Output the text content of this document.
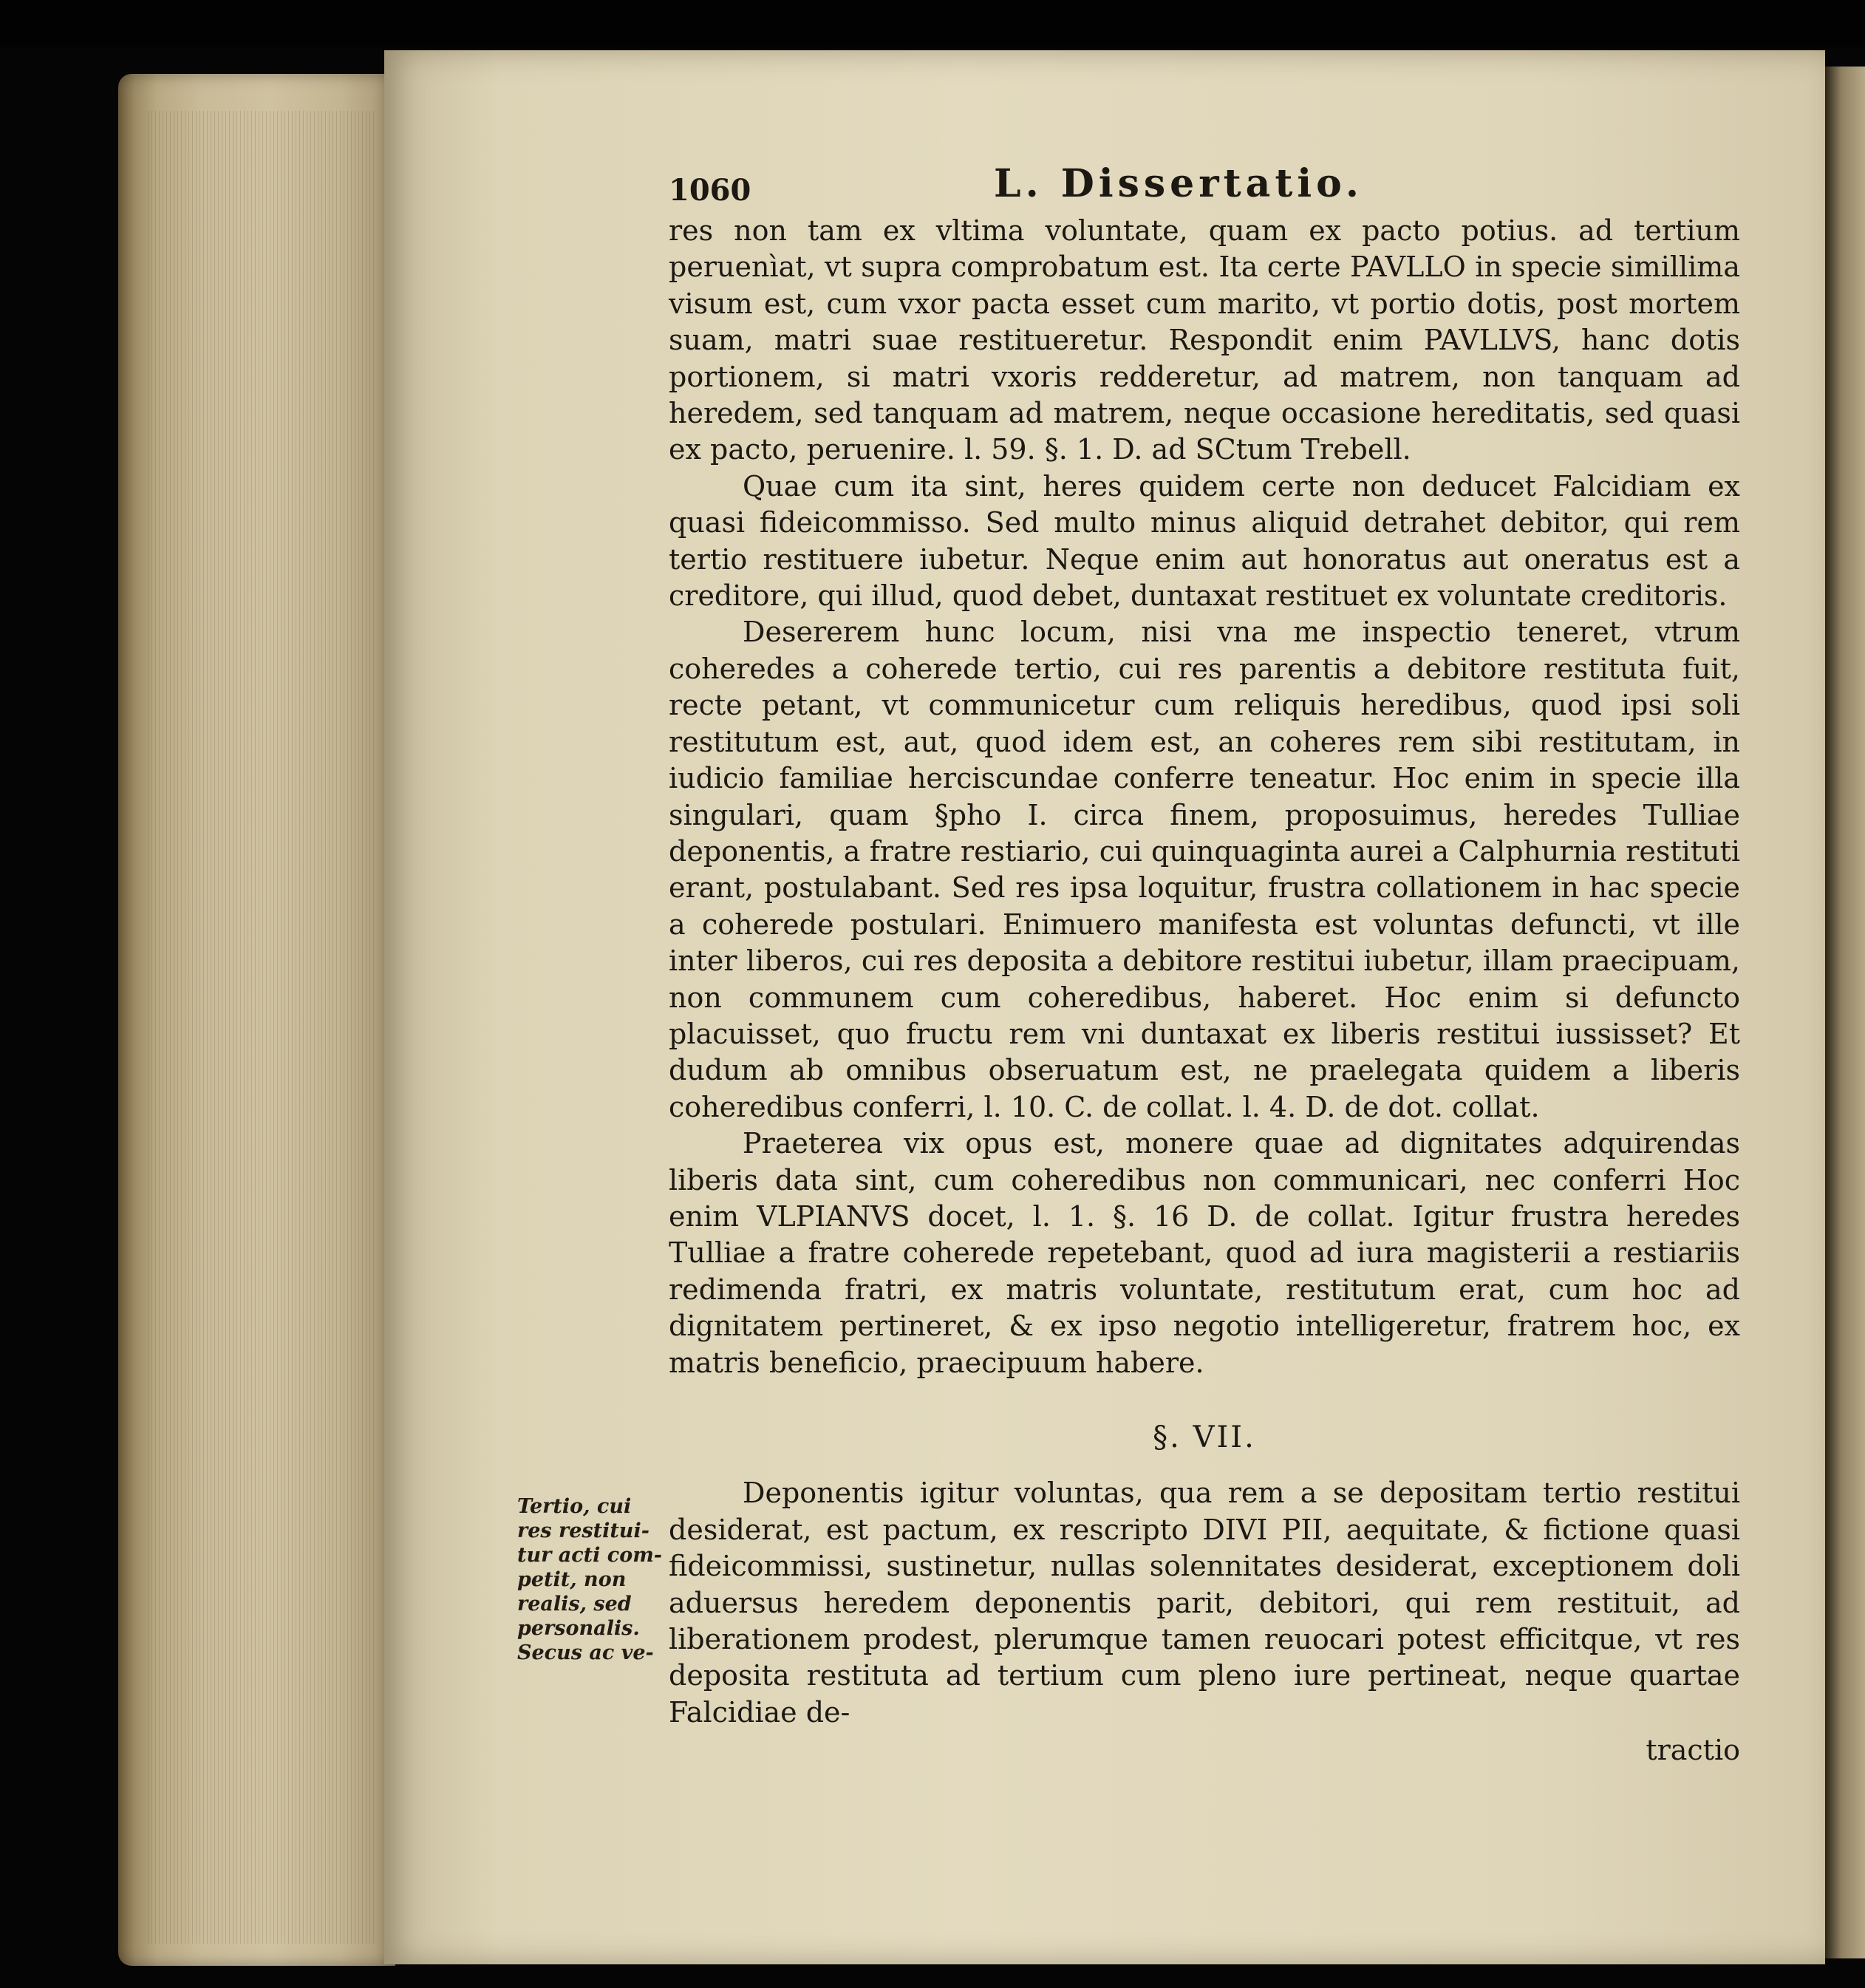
1060	L. Dissertatio.

res non tam ex vltima voluntate, quam ex pacto potius. ad tertium peruenìat, vt supra comprobatum est. Ita certe PAVLLO in specie simillima visum est, cum vxor pacta esset cum marito, vt portio dotis, post mortem suam, matri suae restitueretur. Respondit enim PAVLLVS, hanc dotis portionem, si matri vxoris redderetur, ad matrem, non tanquam ad heredem, sed tanquam ad matrem, neque occasione hereditatis, sed quasi ex pacto, peruenire. l. 59. §. 1. D. ad SCtum Trebell.

Quae cum ita sint, heres quidem certe non deducet Falcidiam ex quasi fideicommisso. Sed multo minus aliquid detrahet debitor, qui rem tertio restituere iubetur. Neque enim aut honoratus aut oneratus est a creditore, qui illud, quod debet, duntaxat restituet ex voluntate creditoris.

Desererem hunc locum, nisi vna me inspectio teneret, vtrum coheredes a coherede tertio, cui res parentis a debitore restituta fuit, recte petant, vt communicetur cum reliquis heredibus, quod ipsi soli restitutum est, aut, quod idem est, an coheres rem sibi restitutam, in iudicio familiae herciscundae conferre teneatur. Hoc enim in specie illa singulari, quam §pho I. circa finem, proposuimus, heredes Tulliae deponentis, a fratre restiario, cui quinquaginta aurei a Calphurnia restituti erant, postulabant. Sed res ipsa loquitur, frustra collationem in hac specie a coherede postulari. Enimuero manifesta est voluntas defuncti, vt ille inter liberos, cui res deposita a debitore restitui iubetur, illam praecipuam, non communem cum coheredibus, haberet. Hoc enim si defuncto placuisset, quo fructu rem vni duntaxat ex liberis restitui iussisset? Et dudum ab omnibus obseruatum est, ne praelegata quidem a liberis coheredibus conferri, l. 10. C. de collat. l. 4. D. de dot. collat.

Praeterea vix opus est, monere quae ad dignitates adquirendas liberis data sint, cum coheredibus non communicari, nec conferri Hoc enim VLPIANVS docet, l. 1. §. 16 D. de collat. Igitur frustra heredes Tulliae a fratre coherede repetebant, quod ad iura magisterii a restiariis redimenda fratri, ex matris voluntate, restitutum erat, cum hoc ad dignitatem pertineret, & ex ipso negotio intelligeretur, fratrem hoc, ex matris beneficio, praecipuum habere.

§. VII.

Deponentis igitur voluntas, qua rem a se depositam tertio restitui desiderat, est pactum, ex rescripto DIVI PII, aequitate, & fictione quasi fideicommissi, sustinetur, nullas solennitates desiderat, exceptionem doli aduersus heredem deponentis parit, debitori, qui rem restituit, ad liberationem prodest, plerumque tamen reuocari potest efficitque, vt res deposita restituta ad tertium cum pleno iure pertineat, neque quartae Falcidiae de-

tractio
Tertio, cui
res restitui-
tur acti com-
petit, non
realis, sed
personalis.
Secus ac ve-
